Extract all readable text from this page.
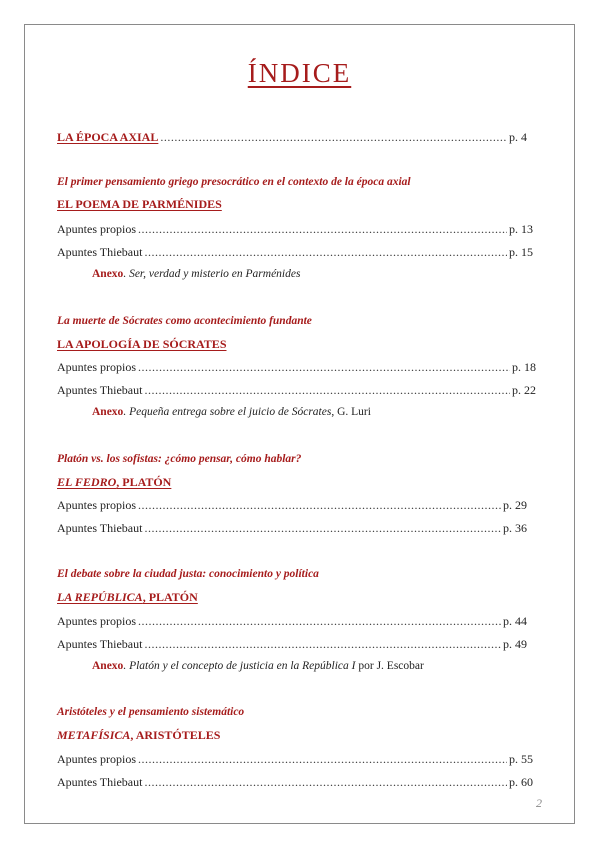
ÍNDICE
LA ÉPOCA AXIAL .....	p. 4
El primer pensamiento griego presocrático en el contexto de la época axial
EL POEMA DE PARMÉNIDES
Apuntes propios .....	p. 13
Apuntes Thiebaut .....	p. 15
Anexo. Ser, verdad y misterio en Parménides
La muerte de Sócrates como acontecimiento fundante
LA APOLOGÍA DE SÓCRATES
Apuntes propios .....	p. 18
Apuntes Thiebaut .....	p. 22
Anexo. Pequeña entrega sobre el juicio de Sócrates, G. Luri
Platón vs. los sofistas: ¿cómo pensar, cómo hablar?
EL FEDRO, PLATÓN
Apuntes propios .....	p. 29
Apuntes Thiebaut .....	p. 36
El debate sobre la ciudad justa: conocimiento y política
LA REPÚBLICA, PLATÓN
Apuntes propios .....	p. 44
Apuntes Thiebaut .....	p. 49
Anexo. Platón y el concepto de justicia en la República I por J. Escobar
Aristóteles y el pensamiento sistemático
METAFÍSICA, ARISTÓTELES
Apuntes propios .....	p. 55
Apuntes Thiebaut .....	p. 60
2
